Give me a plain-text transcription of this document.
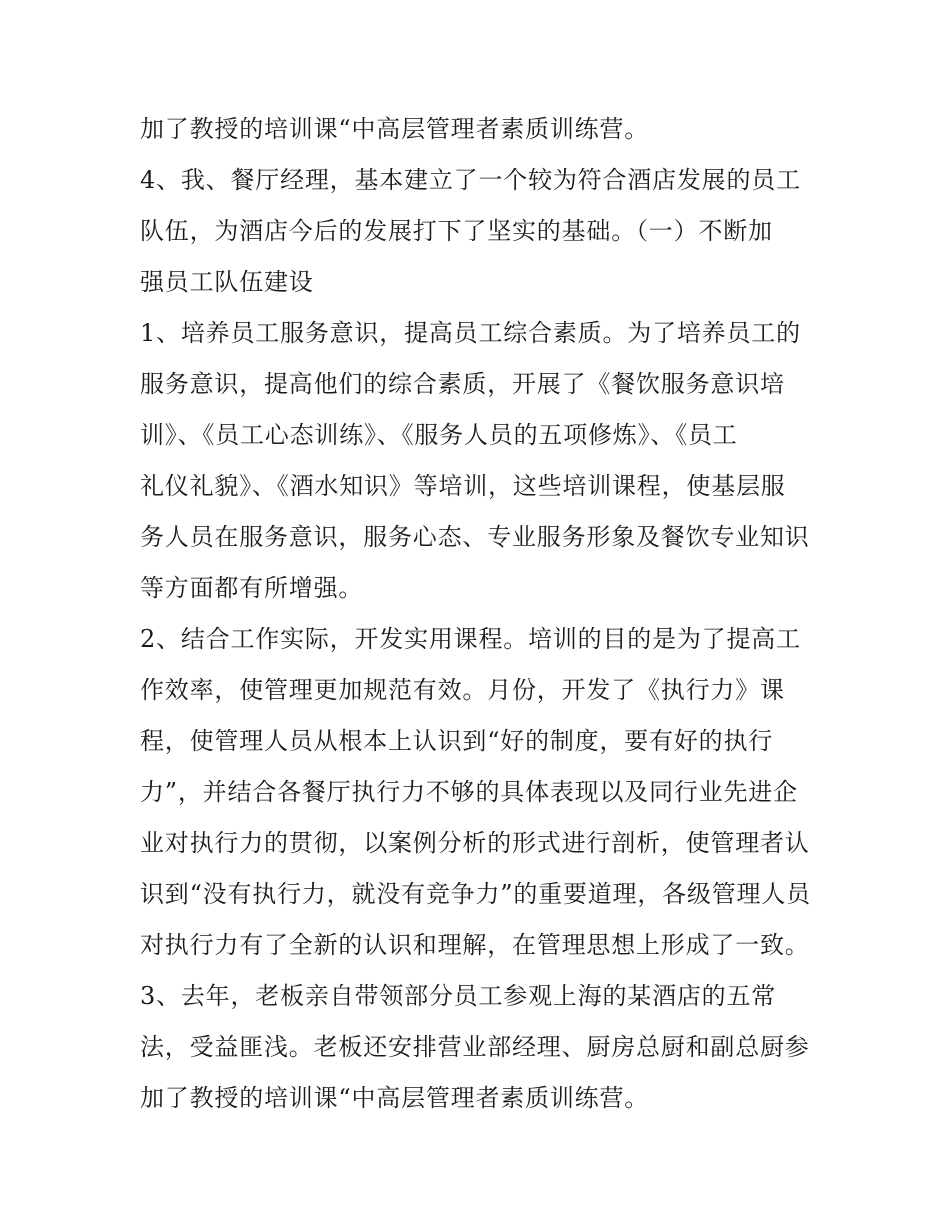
加了教授的培训课“中高层管理者素质训练营。
4、我、餐厅经理，基本建立了一个较为符合酒店发展的员工
队伍，为酒店今后的发展打下了坚实的基础。（一）不断加
强员工队伍建设
1、培养员工服务意识，提高员工综合素质。为了培养员工的
服务意识，提高他们的综合素质，开展了《餐饮服务意识培
训》、《员工心态训练》、《服务人员的五项修炼》、《员工
礼仪礼貌》、《酒水知识》等培训，这些培训课程，使基层服
务人员在服务意识，服务心态、专业服务形象及餐饮专业知识
等方面都有所增强。
2、结合工作实际，开发实用课程。培训的目的是为了提高工
作效率，使管理更加规范有效。月份，开发了《执行力》课
程，使管理人员从根本上认识到“好的制度，要有好的执行
力”，并结合各餐厅执行力不够的具体表现以及同行业先进企
业对执行力的贯彻，以案例分析的形式进行剖析，使管理者认
识到“没有执行力，就没有竞争力”的重要道理，各级管理人员
对执行力有了全新的认识和理解，在管理思想上形成了一致。
3、去年，老板亲自带领部分员工参观上海的某酒店的五常
法，受益匪浅。老板还安排营业部经理、厨房总厨和副总厨参
加了教授的培训课“中高层管理者素质训练营。
